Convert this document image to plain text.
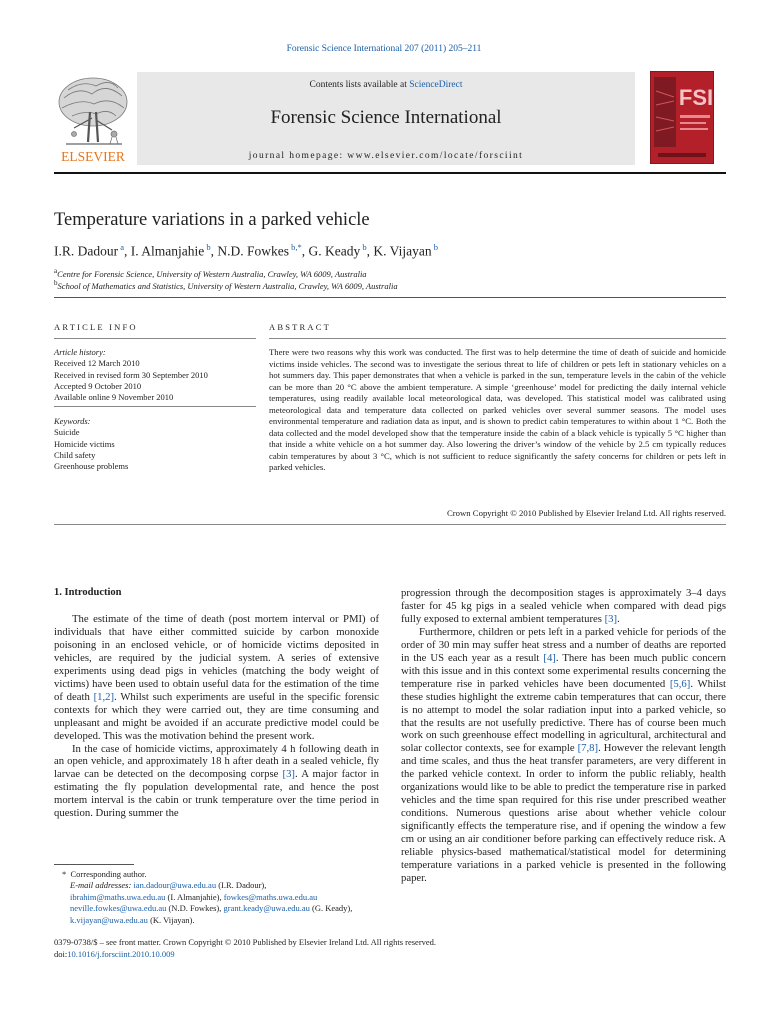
Forensic Science International 207 (2011) 205–211
Contents lists available at ScienceDirect
Forensic Science International
journal homepage: www.elsevier.com/locate/forsciint
ELSEVIER
FSI
Temperature variations in a parked vehicle
I.R. Dadour $^a$, I. Almanjahie $^b$, N.D. Fowkes $^{b,*}$, G. Keady $^b$, K. Vijayan $^b$
$^a$Centre for Forensic Science, University of Western Australia, Crawley, WA 6009, Australia
$^b$School of Mathematics and Statistics, University of Western Australia, Crawley, WA 6009, Australia
ARTICLE INFO
Article history:
Received 12 March 2010
Received in revised form 30 September 2010
Accepted 9 October 2010
Available online 9 November 2010
Keywords:
Suicide
Homicide victims
Child safety
Greenhouse problems
ABSTRACT
There were two reasons why this work was conducted. The first was to help determine the time of death of suicide and homicide victims inside vehicles. The second was to investigate the serious threat to life of children or pets left in stationary vehicles on a hot summers day. This paper demonstrates that when a vehicle is parked in the sun, temperature levels in the cabin of the vehicle can be more than 20 °C above the ambient temperature. A simple ‘greenhouse’ model for predicting the daily internal vehicle temperatures, using readily available local meteorological data, was developed. This statistical model was calibrated using meteorological data and temperature data collected on parked vehicles over several summer seasons. The model uses environmental temperature and radiation data as input, and is shown to predict cabin temperatures to within about 1 °C. Both the data collected and the model developed show that the temperature inside the cabin of a black vehicle is typically 5 °C higher than that inside a white vehicle on a hot summer day. Also lowering the driver’s window of the vehicle by 2.5 cm typically reduces cabin temperatures by about 3 °C, which is not sufficient to reduce significantly the safety concerns for children or pets left in parked vehicles.
Crown Copyright © 2010 Published by Elsevier Ireland Ltd. All rights reserved.
1. Introduction

The estimate of the time of death (post mortem interval or PMI) of individuals that have either committed suicide by carbon monoxide poisoning in an enclosed vehicle, or of homicide victims deposited in vehicles, are required by the judicial system. A series of extensive experiments using dead pigs in vehicles (matching the body weight of victims) have been used to obtain useful data for the estimation of the time of death [1,2]. Whilst such experiments are useful in the specific forensic contexts for which they were carried out, they are time consuming and unpleasant and might be avoided if an accurate predictive model could be developed. This was the motivation behind the present work.

In the case of homicide victims, approximately 4 h following death in an open vehicle, and approximately 18 h after death in a sealed vehicle, fly larvae can be detected on the decomposing corpse [3]. A major factor in estimating the fly population developmental rate, and hence the post mortem interval is the cabin or trunk temperature over the time period in question. During summer the

progression through the decomposition stages is approximately 3–4 days faster for 45 kg pigs in a sealed vehicle when compared with dead pigs fully exposed to external ambient temperatures [3].

Furthermore, children or pets left in a parked vehicle for periods of the order of 30 min may suffer heat stress and a number of deaths are reported in the US each year as a result [4]. There has been much public concern with this issue and in this context some experimental results concerning the temperature rise in parked vehicles have been documented [5,6]. Whilst these studies highlight the extreme cabin temperatures that can occur, there is no attempt to model the solar radiation input into a parked vehicle, so that the results are not usefully predictive. There has of course been much work on such greenhouse effect modelling in agricultural, architectural and solar collector contexts, see for example [7,8]. However the relevant length and time scales, and thus the heat transfer parameters, are very different in the parked vehicle context. In order to inform the public reliably, health organizations would like to be able to predict the temperature rise in parked vehicles and the time span required for this rise under prescribed weather conditions. Numerous questions arise about whether vehicle colour significantly effects the temperature rise, and if opening the window a few cm or using an air conditioner before parking can effectively reduce risk. A reliable physics-based mathematical/statistical model for determining temperature variations in a parked vehicle is presented in the following paper.

* Corresponding author.
E-mail addresses: ian.dadour@uwa.edu.au (I.R. Dadour),
ibrahim@maths.uwa.edu.au (I. Almanjahie), fowkes@maths.uwa.edu.au
neville.fowkes@uwa.edu.au (N.D. Fowkes), grant.keady@uwa.edu.au (G. Keady),
k.vijayan@uwa.edu.au (K. Vijayan).
0379-0738/$ – see front matter. Crown Copyright © 2010 Published by Elsevier Ireland Ltd. All rights reserved.
doi:10.1016/j.forsciint.2010.10.009
